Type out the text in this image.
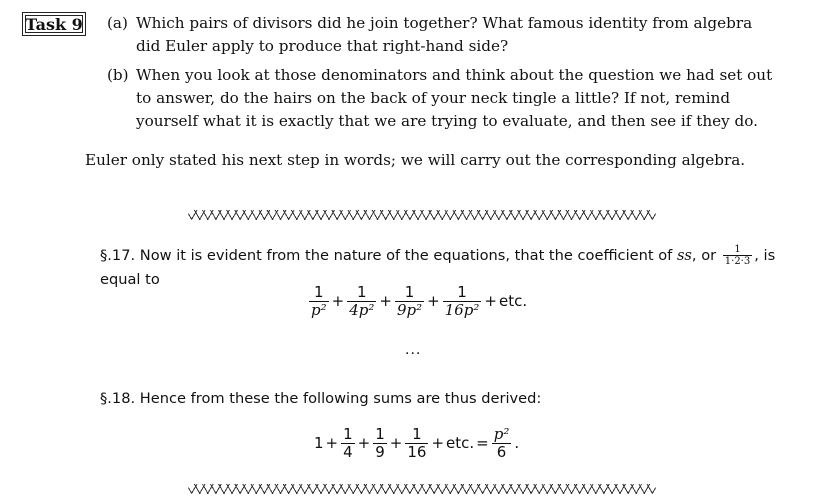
Task 9 (a) Which pairs of divisors did he join together? What famous identity from algebra did Euler apply to produce that right-hand side?
(b) When you look at those denominators and think about the question we had set out to answer, do the hairs on the back of your neck tingle a little? If not, remind yourself what it is exactly that we are trying to evaluate, and then see if they do.
Euler only stated his next step in words; we will carry out the corresponding algebra.
§.17. Now it is evident from the nature of the equations, that the coefficient of ss, or $\frac{1}{1\cdot 2\cdot 3}$ , is equal to
$\frac{1}{\text{p²}} + \frac{1}{\text{4p²}} + \frac{1}{\text{9p²}} + \frac{1}{\text{16p²}}$ + etc.
...
§.18. Hence from these the following sums are thus derived:
$1 + \frac{1}{4} + \frac{1}{9} + \frac{1}{16}$ + etc. = $\frac{\text{p²}}{6}$ .
